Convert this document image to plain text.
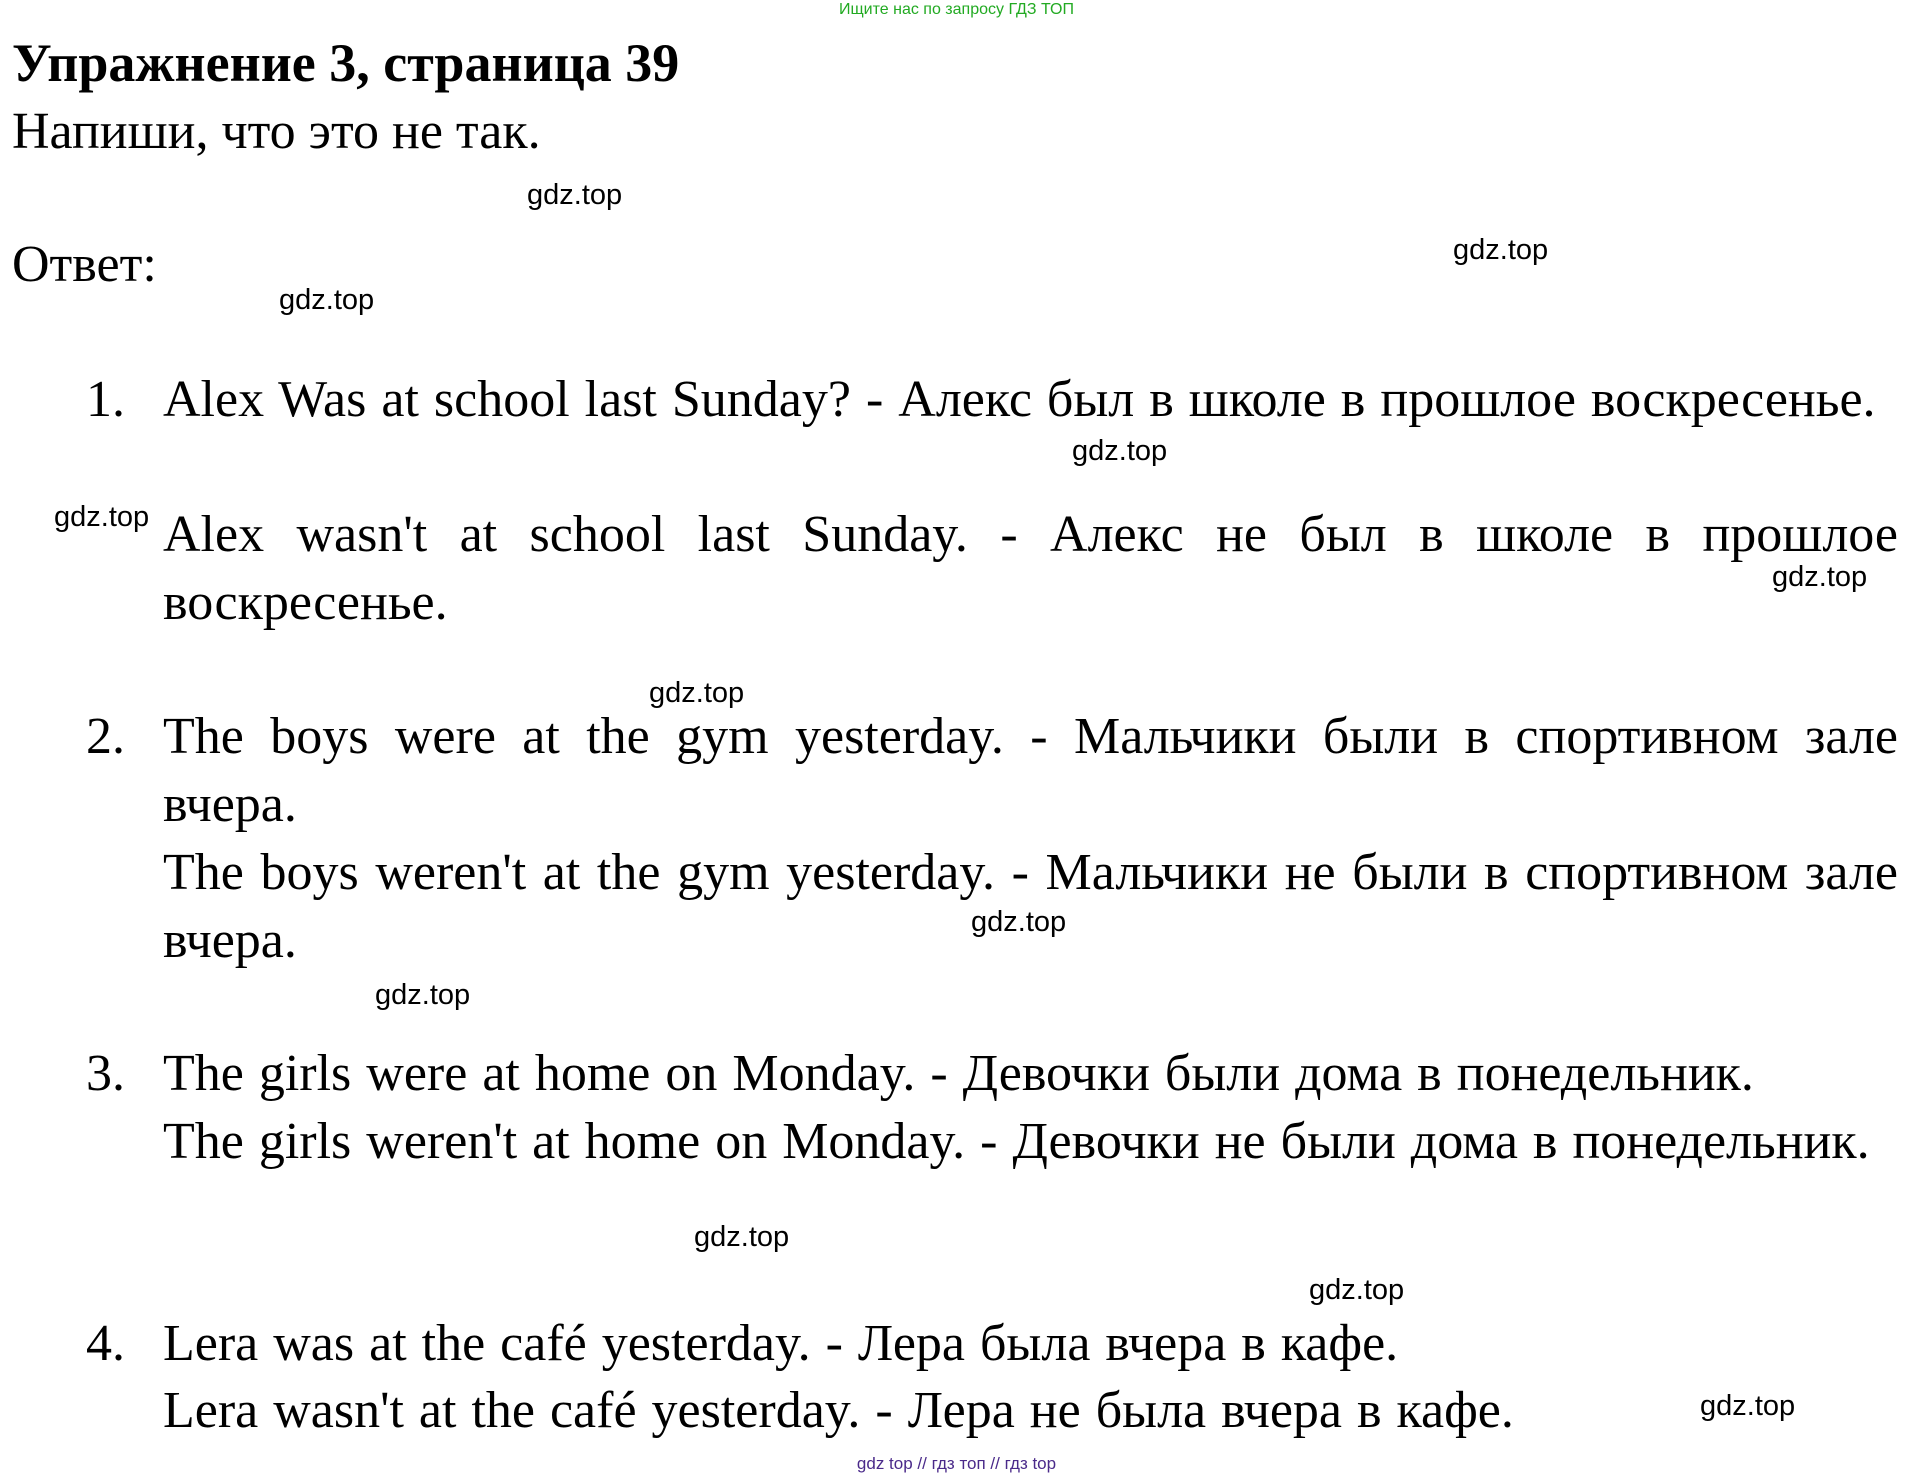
Ищите нас по запросу ГДЗ ТОП
Упражнение 3, страница 39
Напиши, что это не так.
Ответ:
1. Alex Was at school last Sunday? - Алекс был в школе в прошлое воскресенье.
Alex wasn't at school last Sunday. - Алекс не был в школе в прошлое воскресенье.
2. The boys were at the gym yesterday. - Мальчики были в спортивном зале вчера.
The boys weren't at the gym yesterday. - Мальчики не были в спортивном зале вчера.
3. The girls were at home on Monday. - Девочки были дома в понедельник.
The girls weren't at home on Monday. - Девочки не были дома в понедельник.
4. Lera was at the café yesterday. - Лера была вчера в кафе.
Lera wasn't at the café yesterday. - Лера не была вчера в кафе.
gdz.top
gdz.top
gdz.top
gdz.top
gdz.top
gdz.top
gdz.top
gdz.top
gdz.top
gdz.top
gdz.top
gdz.top
gdz top // гдз топ // гдз top
